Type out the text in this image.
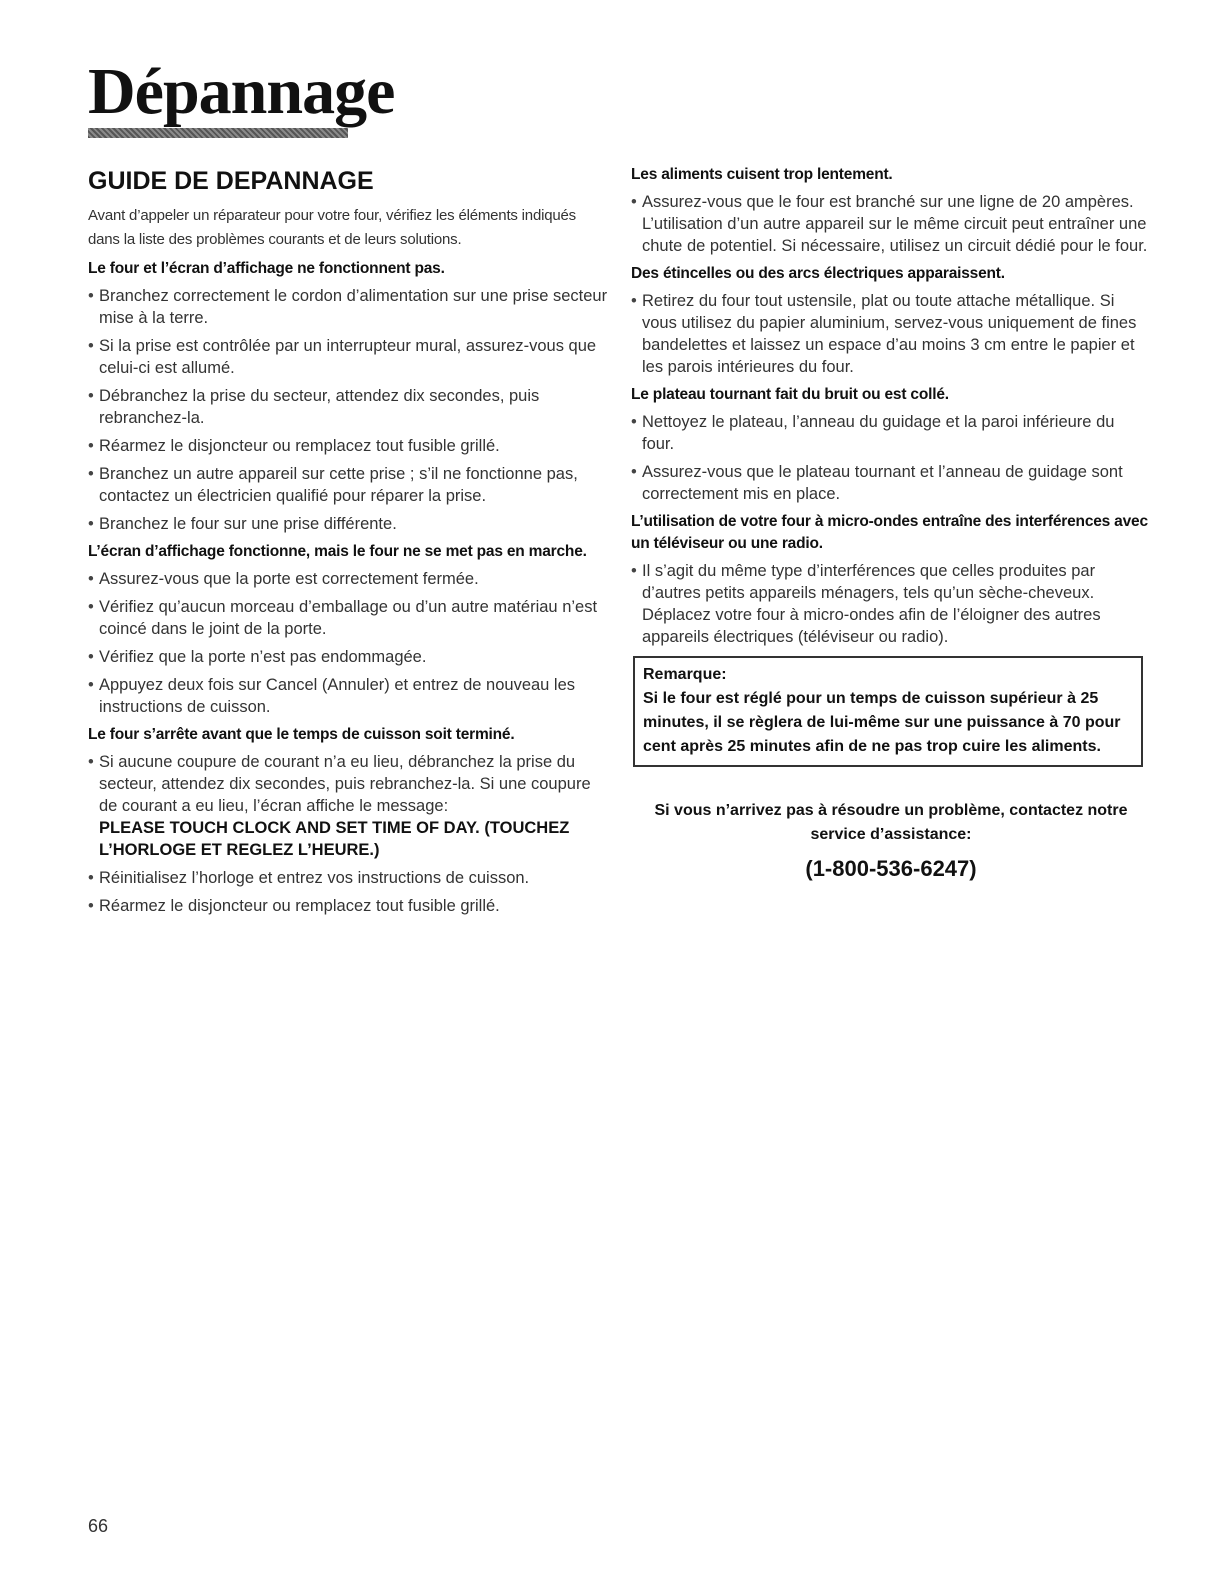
Dépannage
GUIDE DE DEPANNAGE

Avant d’appeler un réparateur pour votre four, vérifiez les éléments indiqués dans la liste des problèmes courants et de leurs solutions.

Le four et l’écran d’affichage ne fonctionnent pas.

• Branchez correctement le cordon d’alimentation sur une prise secteur mise à la terre.
• Si la prise est contrôlée par un interrupteur mural, assurez-vous que celui-ci est allumé.
• Débranchez la prise du secteur, attendez dix secondes, puis rebranchez-la.
• Réarmez le disjoncteur ou remplacez tout fusible grillé.
• Branchez un autre appareil sur cette prise ; s’il ne fonctionne pas, contactez un électricien qualifié pour réparer la prise.
• Branchez le four sur une prise différente.

L’écran d’affichage fonctionne, mais le four ne se met pas en marche.

• Assurez-vous que la porte est correctement fermée.
• Vérifiez qu’aucun morceau d’emballage ou d’un autre matériau n’est coincé dans le joint de la porte.
• Vérifiez que la porte n’est pas endommagée.
• Appuyez deux fois sur Cancel (Annuler) et entrez de nouveau les instructions de cuisson.

Le four s’arrête avant que le temps de cuisson soit terminé.

• Si aucune coupure de courant n’a eu lieu, débranchez la prise du secteur, attendez dix secondes, puis rebranchez-la. Si une coupure de courant a eu lieu, l’écran affiche le message:
PLEASE TOUCH CLOCK AND SET TIME OF DAY. (TOUCHEZ L’HORLOGE ET REGLEZ L’HEURE.)
• Réinitialisez l’horloge et entrez vos instructions de cuisson.
• Réarmez le disjoncteur ou remplacez tout fusible grillé.

Les aliments cuisent trop lentement.

• Assurez-vous que le four est branché sur une ligne de 20 ampères.
L’utilisation d’un autre appareil sur le même circuit peut entraîner une chute de potentiel. Si nécessaire, utilisez un circuit dédié pour le four.

Des étincelles ou des arcs électriques apparaissent.

• Retirez du four tout ustensile, plat ou toute attache métallique. Si vous utilisez du papier aluminium, servez-vous uniquement de fines bandelettes et laissez un espace d’au moins 3 cm entre le papier et les parois intérieures du four.

Le plateau tournant fait du bruit ou est collé.

• Nettoyez le plateau, l’anneau du guidage et la paroi inférieure du four.
• Assurez-vous que le plateau tournant et l’anneau de guidage sont correctement mis en place.

L’utilisation de votre four à micro-ondes entraîne des interférences avec un téléviseur ou une radio.

• Il s’agit du même type d’interférences que celles produites par d’autres petits appareils ménagers, tels qu’un sèche-cheveux. Déplacez votre four à micro-ondes afin de l’éloigner des autres appareils électriques (téléviseur ou radio).

Remarque:

Si le four est réglé pour un temps de cuisson supérieur à 25 minutes, il se règlera de lui-même sur une puissance à 70 pour cent après 25 minutes afin de ne pas trop cuire les aliments.

Si vous n’arrivez pas à résoudre un problème, contactez notre service d’assistance:

(1-800-536-6247)

66
